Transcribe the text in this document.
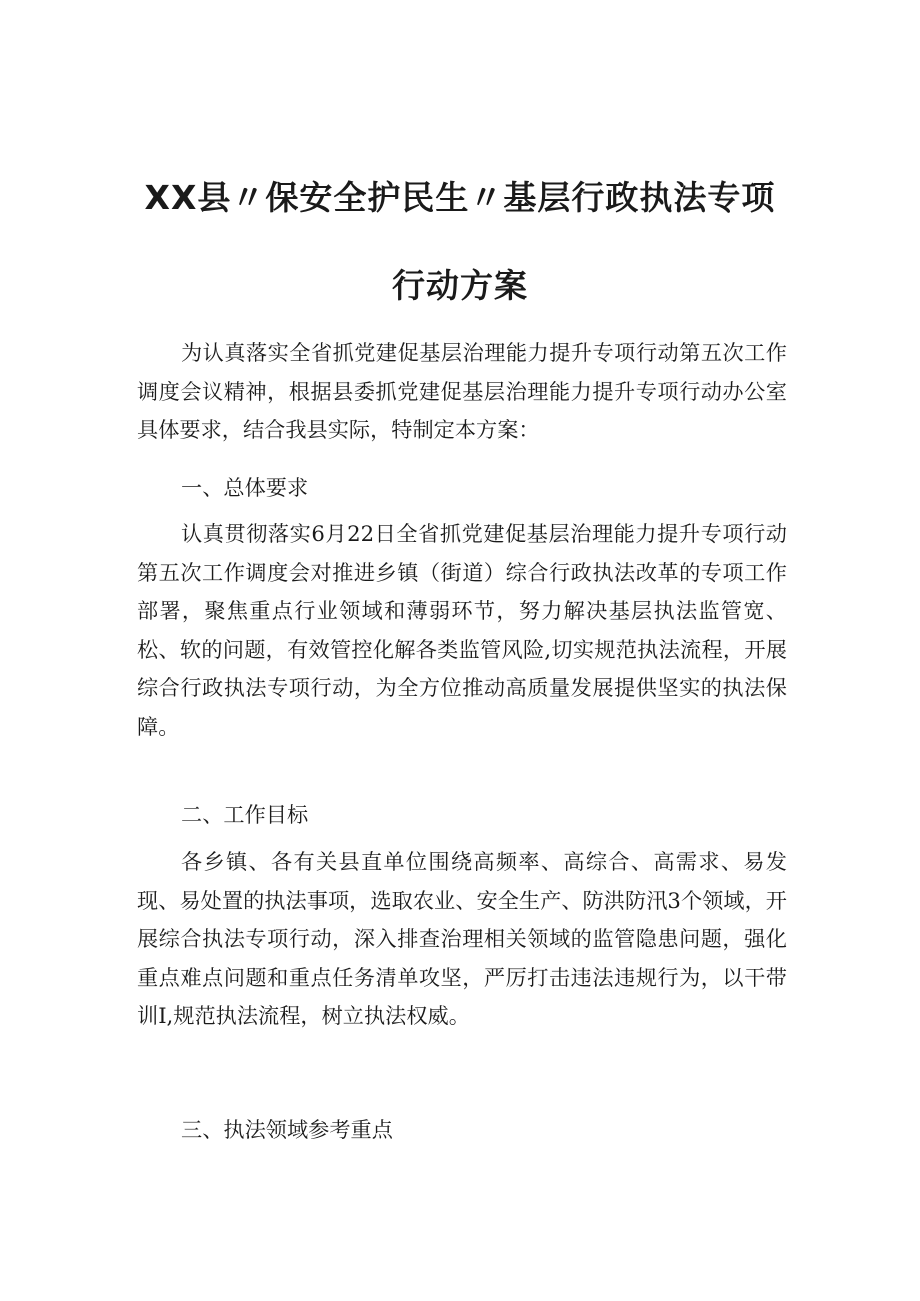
XX县〃保安全护民生〃基层行政执法专项
行动方案

为认真落实全省抓党建促基层治理能力提升专项行动第五次工作调度会议精神，根据县委抓党建促基层治理能力提升专项行动办公室具体要求，结合我县实际，特制定本方案：

一、总体要求

认真贯彻落实6月22日全省抓党建促基层治理能力提升专项行动第五次工作调度会对推进乡镇（街道）综合行政执法改革的专项工作部署，聚焦重点行业领域和薄弱环节，努力解决基层执法监管宽、松、软的问题，有效管控化解各类监管风险,切实规范执法流程，开展综合行政执法专项行动，为全方位推动高质量发展提供坚实的执法保障。

二、工作目标

各乡镇、各有关县直单位围绕高频率、高综合、高需求、易发现、易处置的执法事项，选取农业、安全生产、防洪防汛3个领域，开展综合执法专项行动，深入排查治理相关领域的监管隐患问题，强化重点难点问题和重点任务清单攻坚，严厉打击违法违规行为，以干带训I,规范执法流程，树立执法权威。

三、执法领域参考重点
